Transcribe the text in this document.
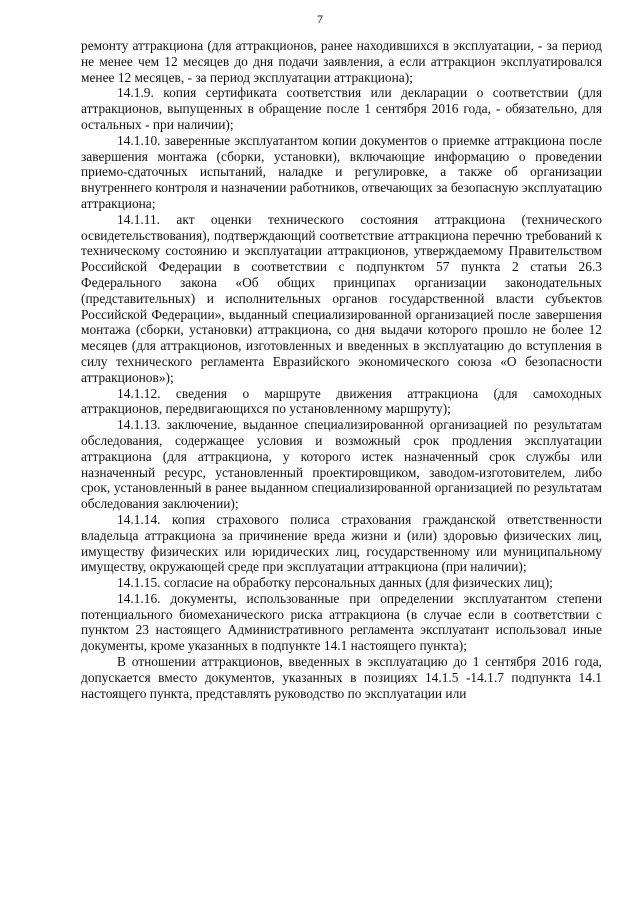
7

ремонту аттракциона (для аттракционов, ранее находившихся в эксплуатации, - за период не менее чем 12 месяцев до дня подачи заявления, а если аттракцион эксплуатировался менее 12 месяцев, - за период эксплуатации аттракциона);

14.1.9. копия сертификата соответствия или декларации о соответствии (для аттракционов, выпущенных в обращение после 1 сентября 2016 года, - обязательно, для остальных - при наличии);

14.1.10. заверенные эксплуатантом копии документов о приемке аттракциона после завершения монтажа (сборки, установки), включающие информацию о проведении приемо-сдаточных испытаний, наладке и регулировке, а также об организации внутреннего контроля и назначении работников, отвечающих за безопасную эксплуатацию аттракциона;

14.1.11. акт оценки технического состояния аттракциона (технического освидетельствования), подтверждающий соответствие аттракциона перечню требований к техническому состоянию и эксплуатации аттракционов, утверждаемому Правительством Российской Федерации в соответствии с подпунктом 57 пункта 2 статьи 26.3 Федерального закона «Об общих принципах организации законодательных (представительных) и исполнительных органов государственной власти субъектов Российской Федерации», выданный специализированной организацией после завершения монтажа (сборки, установки) аттракциона, со дня выдачи которого прошло не более 12 месяцев (для аттракционов, изготовленных и введенных в эксплуатацию до вступления в силу технического регламента Евразийского экономического союза «О безопасности аттракционов»);

14.1.12. сведения о маршруте движения аттракциона (для самоходных аттракционов, передвигающихся по установленному маршруту);

14.1.13. заключение, выданное специализированной организацией по результатам обследования, содержащее условия и возможный срок продления эксплуатации аттракциона (для аттракциона, у которого истек назначенный срок службы или назначенный ресурс, установленный проектировщиком, заводом-изготовителем, либо срок, установленный в ранее выданном специализированной организацией по результатам обследования заключении);

14.1.14. копия страхового полиса страхования гражданской ответственности владельца аттракциона за причинение вреда жизни и (или) здоровью физических лиц, имуществу физических или юридических лиц, государственному или муниципальному имуществу, окружающей среде при эксплуатации аттракциона (при наличии);

14.1.15. согласие на обработку персональных данных (для физических лиц);

14.1.16. документы, использованные при определении эксплуатантом степени потенциального биомеханического риска аттракциона (в случае если в соответствии с пунктом 23 настоящего Административного регламента эксплуатант использовал иные документы, кроме указанных в подпункте 14.1 настоящего пункта);

В отношении аттракционов, введенных в эксплуатацию до 1 сентября 2016 года, допускается вместо документов, указанных в позициях 14.1.5 -14.1.7 подпункта 14.1 настоящего пункта, представлять руководство по эксплуатации или
